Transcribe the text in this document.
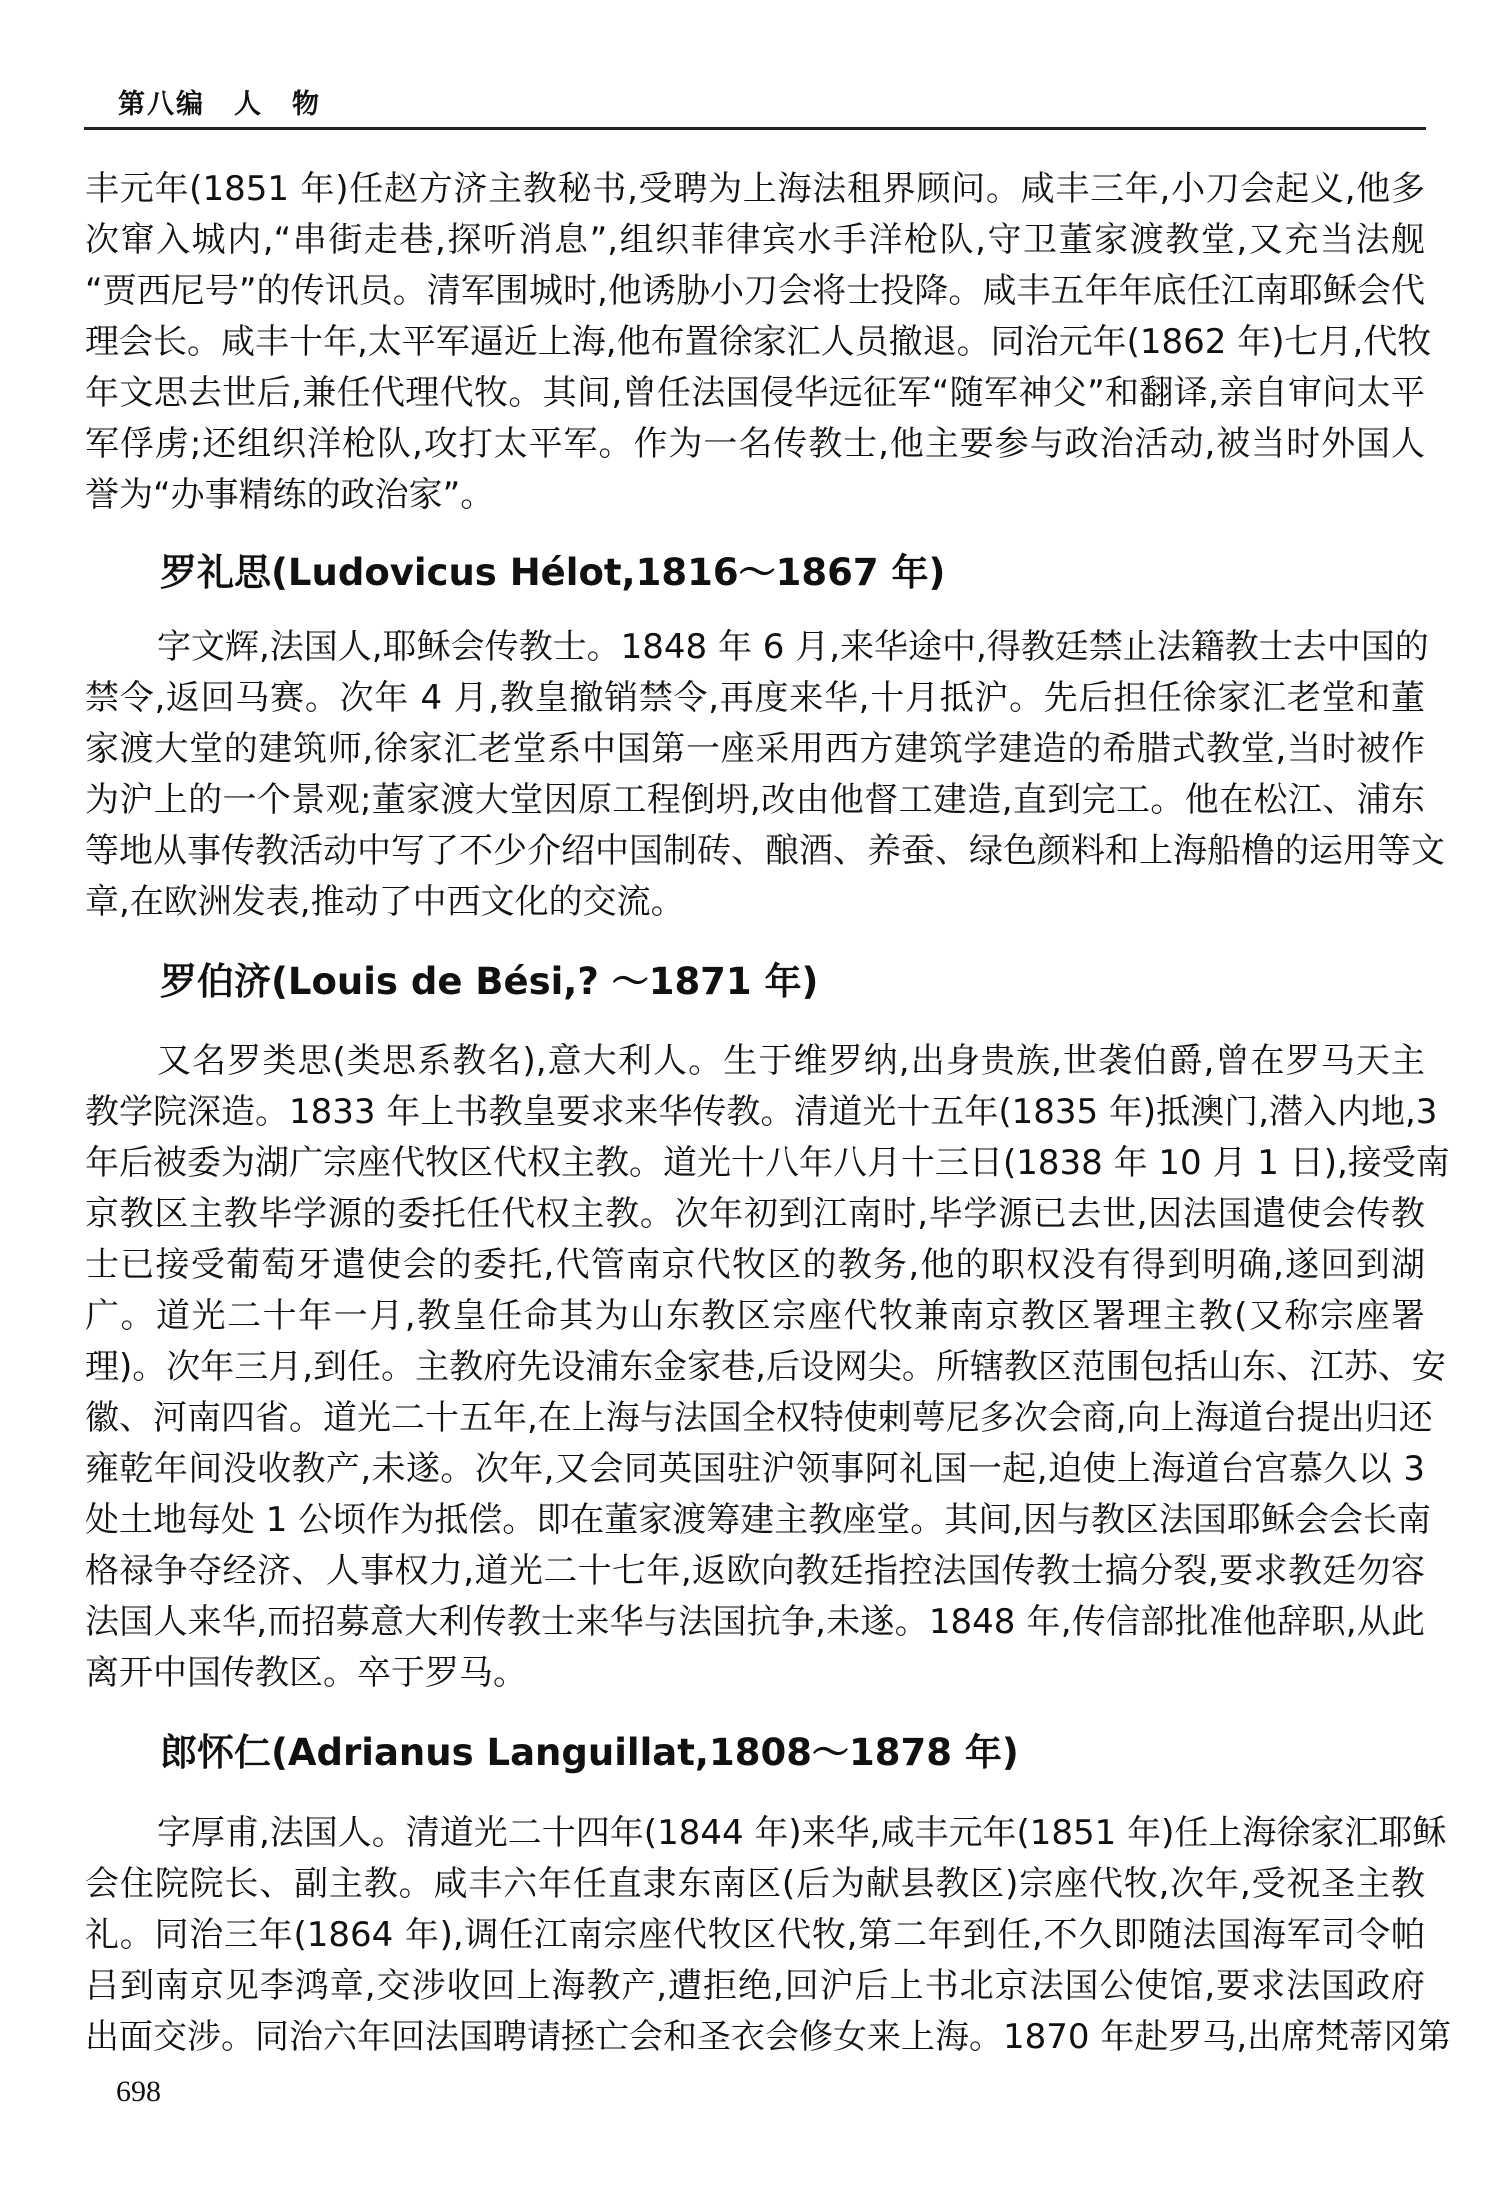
第八编　人　物
丰元年(1851 年)任赵方济主教秘书,受聘为上海法租界顾问。咸丰三年,小刀会起义,他多
次窜入城内,“串街走巷,探听消息”,组织菲律宾水手洋枪队,守卫董家渡教堂,又充当法舰
“贾西尼号”的传讯员。清军围城时,他诱胁小刀会将士投降。咸丰五年年底任江南耶稣会代
理会长。咸丰十年,太平军逼近上海,他布置徐家汇人员撤退。同治元年(1862 年)七月,代牧
年文思去世后,兼任代理代牧。其间,曾任法国侵华远征军“随军神父”和翻译,亲自审问太平
军俘虏;还组织洋枪队,攻打太平军。作为一名传教士,他主要参与政治活动,被当时外国人
誉为“办事精练的政治家”。
罗礼思(Ludovicus Hélot,1816～1867 年)
字文辉,法国人,耶稣会传教士。1848 年 6 月,来华途中,得教廷禁止法籍教士去中国的
禁令,返回马赛。次年 4 月,教皇撤销禁令,再度来华,十月抵沪。先后担任徐家汇老堂和董
家渡大堂的建筑师,徐家汇老堂系中国第一座采用西方建筑学建造的希腊式教堂,当时被作
为沪上的一个景观;董家渡大堂因原工程倒坍,改由他督工建造,直到完工。他在松江、浦东
等地从事传教活动中写了不少介绍中国制砖、酿酒、养蚕、绿色颜料和上海船橹的运用等文
章,在欧洲发表,推动了中西文化的交流。
罗伯济(Louis de Bési,? ～1871 年)
又名罗类思(类思系教名),意大利人。生于维罗纳,出身贵族,世袭伯爵,曾在罗马天主
教学院深造。1833 年上书教皇要求来华传教。清道光十五年(1835 年)抵澳门,潜入内地,3
年后被委为湖广宗座代牧区代权主教。道光十八年八月十三日(1838 年 10 月 1 日),接受南
京教区主教毕学源的委托任代权主教。次年初到江南时,毕学源已去世,因法国遣使会传教
士已接受葡萄牙遣使会的委托,代管南京代牧区的教务,他的职权没有得到明确,遂回到湖
广。道光二十年一月,教皇任命其为山东教区宗座代牧兼南京教区署理主教(又称宗座署
理)。次年三月,到任。主教府先设浦东金家巷,后设网尖。所辖教区范围包括山东、江苏、安
徽、河南四省。道光二十五年,在上海与法国全权特使剌萼尼多次会商,向上海道台提出归还
雍乾年间没收教产,未遂。次年,又会同英国驻沪领事阿礼国一起,迫使上海道台宫慕久以 3
处土地每处 1 公顷作为抵偿。即在董家渡筹建主教座堂。其间,因与教区法国耶稣会会长南
格禄争夺经济、人事权力,道光二十七年,返欧向教廷指控法国传教士搞分裂,要求教廷勿容
法国人来华,而招募意大利传教士来华与法国抗争,未遂。1848 年,传信部批准他辞职,从此
离开中国传教区。卒于罗马。
郎怀仁(Adrianus Languillat,1808～1878 年)
字厚甫,法国人。清道光二十四年(1844 年)来华,咸丰元年(1851 年)任上海徐家汇耶稣
会住院院长、副主教。咸丰六年任直隶东南区(后为献县教区)宗座代牧,次年,受祝圣主教
礼。同治三年(1864 年),调任江南宗座代牧区代牧,第二年到任,不久即随法国海军司令帕
吕到南京见李鸿章,交涉收回上海教产,遭拒绝,回沪后上书北京法国公使馆,要求法国政府
出面交涉。同治六年回法国聘请拯亡会和圣衣会修女来上海。1870 年赴罗马,出席梵蒂冈第
698
